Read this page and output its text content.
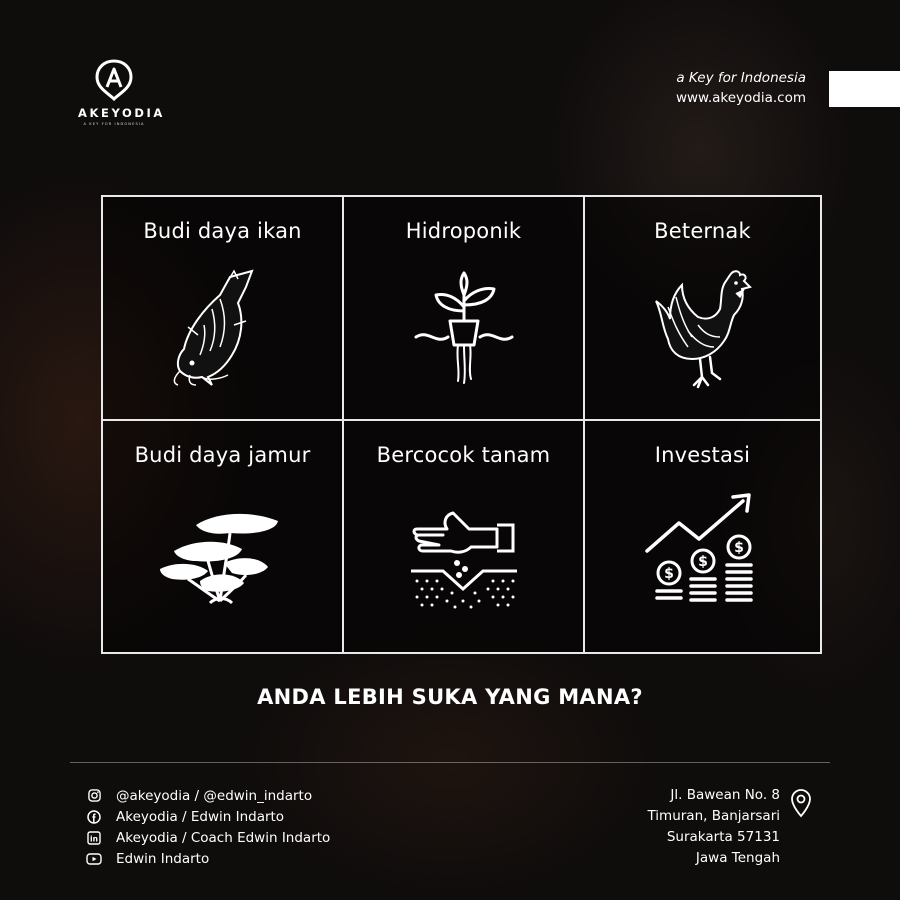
AKEYODIA
A KEY FOR INDONESIA
a Key for Indonesia
www.akeyodia.com
Budi daya ikan	Hidroponik	Beternak
Budi daya jamur	Bercocok tanam	Investasi
$
$
$
ANDA LEBIH SUKA YANG MANA?
@akeyodia / @edwin_indarto
Akeyodia / Edwin Indarto
in Akeyodia / Coach Edwin Indarto
Edwin Indarto
Jl. Bawean No. 8
Timuran, Banjarsari
Surakarta 57131
Jawa Tengah
